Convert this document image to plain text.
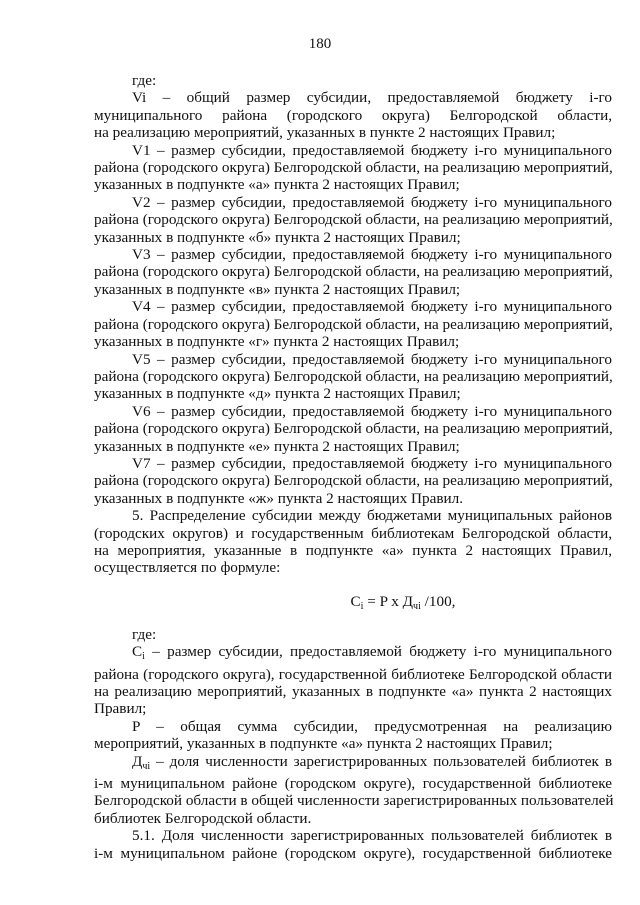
180
где:
Vi – общий размер субсидии, предоставляемой бюджету i-го
муниципального района (городского округа) Белгородской области,
на реализацию мероприятий, указанных в пункте 2 настоящих Правил;
V1 – размер субсидии, предоставляемой бюджету i-го муниципального
района (городского округа) Белгородской области, на реализацию мероприятий,
указанных в подпункте «а» пункта 2 настоящих Правил;
V2 – размер субсидии, предоставляемой бюджету i-го муниципального
района (городского округа) Белгородской области, на реализацию мероприятий,
указанных в подпункте «б» пункта 2 настоящих Правил;
V3 – размер субсидии, предоставляемой бюджету i-го муниципального
района (городского округа) Белгородской области, на реализацию мероприятий,
указанных в подпункте «в» пункта 2 настоящих Правил;
V4 – размер субсидии, предоставляемой бюджету i-го муниципального
района (городского округа) Белгородской области, на реализацию мероприятий,
указанных в подпункте «г» пункта 2 настоящих Правил;
V5 – размер субсидии, предоставляемой бюджету i-го муниципального
района (городского округа) Белгородской области, на реализацию мероприятий,
указанных в подпункте «д» пункта 2 настоящих Правил;
V6 – размер субсидии, предоставляемой бюджету i-го муниципального
района (городского округа) Белгородской области, на реализацию мероприятий,
указанных в подпункте «е» пункта 2 настоящих Правил;
V7 – размер субсидии, предоставляемой бюджету i-го муниципального
района (городского округа) Белгородской области, на реализацию мероприятий,
указанных в подпункте «ж» пункта 2 настоящих Правил.
5. Распределение субсидии между бюджетами муниципальных районов
(городских округов) и государственным библиотекам Белгородской области,
на мероприятия, указанные в подпункте «а» пункта 2 настоящих Правил,
осуществляется по формуле:
$C_i = P$ x $Д_{чi}$ /100,
где:
$C_i$ – размер субсидии, предоставляемой бюджету i-го муниципального
района (городского округа), государственной библиотеке Белгородской области
на реализацию мероприятий, указанных в подпункте «а» пункта 2 настоящих
Правил;
P – общая сумма субсидии, предусмотренная на реализацию
мероприятий, указанных в подпункте «а» пункта 2 настоящих Правил;
$Д_{чi}$ – доля численности зарегистрированных пользователей библиотек в
i-м муниципальном районе (городском округе), государственной библиотеке
Белгородской области в общей численности зарегистрированных пользователей
библиотек Белгородской области.
5.1. Доля численности зарегистрированных пользователей библиотек в
i-м муниципальном районе (городском округе), государственной библиотеке
